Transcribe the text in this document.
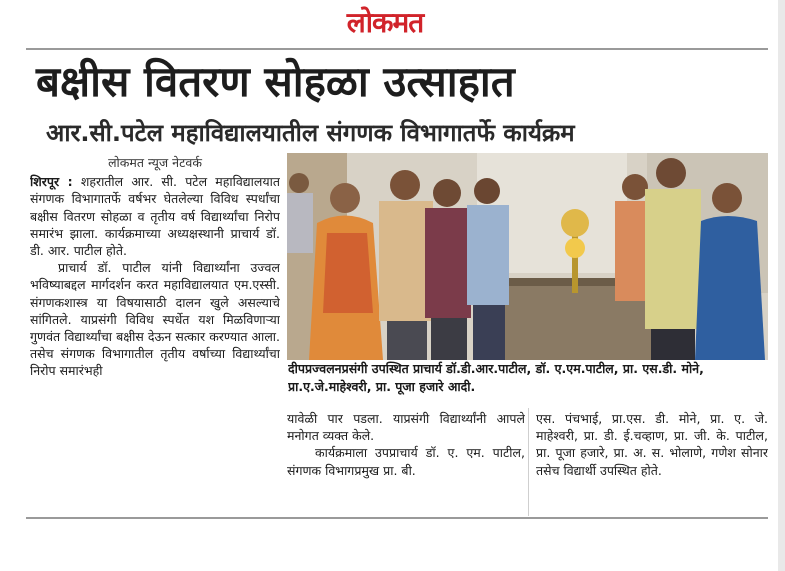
लोकमत
बक्षीस वितरण सोहळा उत्साहात
आर.सी.पटेल महाविद्यालयातील संगणक विभागातर्फे कार्यक्रम
लोकमत न्यूज नेटवर्क

शिरपूर : शहरातील आर. सी. पटेल महाविद्यालयात संगणक विभागातर्फे वर्षभर घेतलेल्या विविध स्पर्धांचा बक्षीस वितरण सोहळा व तृतीय वर्ष विद्यार्थ्यांचा निरोप समारंभ झाला. कार्यक्रमाच्या अध्यक्षस्थानी प्राचार्य डॉ. डी. आर. पाटील होते.

प्राचार्य डॉ. पाटील यांनी विद्यार्थ्यांना उज्वल भविष्याबद्दल मार्गदर्शन करत महाविद्यालयात एम.एस्सी. संगणकशास्त्र या विषयासाठी दालन खुले असल्याचे सांगितले. याप्रसंगी विविध स्पर्धेत यश मिळविणाऱ्या गुणवंत विद्यार्थ्यांचा बक्षीस देऊन सत्कार करण्यात आला. तसेच संगणक विभागातील तृतीय वर्षाच्या विद्यार्थ्यांचा निरोप समारंभही	दीपप्रज्वलनप्रसंगी उपस्थित प्राचार्य डॉ.डी.आर.पाटील, डॉ. ए.एम.पाटील, प्रा. एस.डी. मोने, प्रा.ए.जे.माहेश्वरी, प्रा. पूजा हजारे आदी.

यावेळी पार पडला. याप्रसंगी विद्यार्थ्यांनी आपले मनोगत व्यक्त केले.

कार्यक्रमाला उपप्राचार्य डॉ. ए. एम. पाटील, संगणक विभागप्रमुख प्रा. बी.

एस. पंचभाई, प्रा.एस. डी. मोने, प्रा. ए. जे. माहेश्वरी, प्रा. डी. ई.चव्हाण, प्रा. जी. के. पाटील, प्रा. पूजा हजारे, प्रा. अ. स. भोलाणे, गणेश सोनार तसेच विद्यार्थी उपस्थित होते.
